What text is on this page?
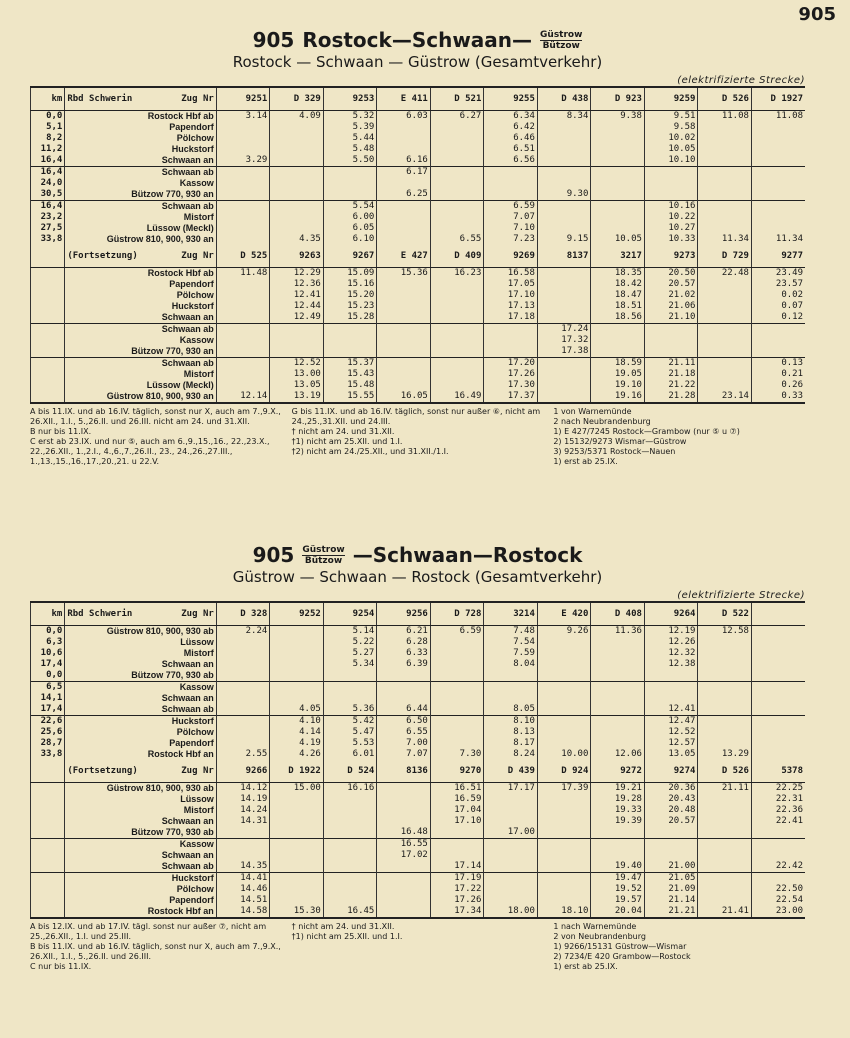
905
905 Rostock—Schwaan— $\frac{\text{Güstrow}}{\text{Bützow}}$
Rostock — Schwaan — Güstrow (Gesamtverkehr)
(elektrifizierte Strecke)
km	Rbd Schwerin Zug Nr	9251	D 329	9253	E 411	D 521	9255	D 438	D 923	9259	D 526	D 1927
0,0	Rostock Hbf ab	3.14	4.09	5.32	6.03	6.27	6.34	8.34	9.38	9.51	11.08	11.08
5,1	Papendorf			5.39			6.42			9.58		
8,2	Pölchow			5.44			6.46			10.02		
11,2	Huckstorf			5.48			6.51			10.05		
16,4	Schwaan an	3.29		5.50	6.16		6.56			10.10		
16,4	Schwaan ab				6.17							
24,0	Kassow											
30,5	Bützow 770, 930 an				6.25			9.30				
16,4	Schwaan ab			5.54			6.59			10.16		
23,2	Mistorf			6.00			7.07			10.22		
27,5	Lüssow (Meckl)			6.05			7.10			10.27		
33,8	Güstrow 810, 900, 930 an		4.35	6.10		6.55	7.23	9.15	10.05	10.33	11.34	11.34
	(Fortsetzung) Zug Nr	D 525	9263	9267	E 427	D 409	9269	8137	3217	9273	D 729	9277
	Rostock Hbf ab	11.48	12.29	15.09	15.36	16.23	16.58		18.35	20.50	22.48	23.49
	Papendorf		12.36	15.16			17.05		18.42	20.57		23.57
	Pölchow		12.41	15.20			17.10		18.47	21.02		0.02
	Huckstorf		12.44	15.23			17.13		18.51	21.06		0.07
	Schwaan an		12.49	15.28			17.18		18.56	21.10		0.12
	Schwaan ab							17.24				
	Kassow							17.32				
	Bützow 770, 930 an							17.38				
	Schwaan ab		12.52	15.37			17.20		18.59	21.11		0.13
	Mistorf		13.00	15.43			17.26		19.05	21.18		0.21
	Lüssow (Meckl)		13.05	15.48			17.30		19.10	21.22		0.26
	Güstrow 810, 900, 930 an	12.14	13.19	15.55	16.05	16.49	17.37		19.16	21.28	23.14	0.33
A bis 11.IX. und ab 16.IV. täglich, sonst nur X, auch am 7.,9.X., 26.XII., 1.I., 5.,26.II. und 26.III. nicht am 24. und 31.XII.
B nur bis 11.IX.
C erst ab 23.IX. und nur ⑤, auch am 6.,9.,15.,16., 22.,23.X., 22.,26.XII., 1.,2.I., 4.,6.,7.,26.II., 23., 24.,26.,27.III., 1.,13.,15.,16.,17.,20.,21. u 22.V.
G bis 11.IX. und ab 16.IV. täglich, sonst nur außer ⑥, nicht am 24.,25.,31.XII. und 24.III.
† nicht am 24. und 31.XII.
†1) nicht am 25.XII. und 1.I.
†2) nicht am 24./25.XII., und 31.XII./1.I.
1 von Warnemünde
2 nach Neubrandenburg
1) E 427/7245 Rostock—Grambow (nur ⑤ u ⑦)
2) 15132/9273 Wismar—Güstrow
3) 9253/5371 Rostock—Nauen
1) erst ab 25.IX.
$905 \frac{\text{Güstrow}}{\text{Bützow}}$ —Schwaan—Rostock
Güstrow — Schwaan — Rostock (Gesamtverkehr)
(elektrifizierte Strecke)
km	Rbd Schwerin Zug Nr	D 328	9252	9254	9256	D 728	3214	E 420	D 408	9264	D 522	
0,0	Güstrow 810, 900, 930 ab	2.24		5.14	6.21	6.59	7.48	9.26	11.36	12.19	12.58	
6,3	Lüssow			5.22	6.28		7.54			12.26		
10,6	Mistorf			5.27	6.33		7.59			12.32		
17,4	Schwaan an			5.34	6.39		8.04			12.38		
0,0	Bützow 770, 930 ab											
6,5	Kassow											
14,1	Schwaan an											
17,4	Schwaan ab		4.05	5.36	6.44		8.05			12.41		
22,6	Huckstorf		4.10	5.42	6.50		8.10			12.47		
25,6	Pölchow		4.14	5.47	6.55		8.13			12.52		
28,7	Papendorf		4.19	5.53	7.00		8.17			12.57		
33,8	Rostock Hbf an	2.55	4.26	6.01	7.07	7.30	8.24	10.00	12.06	13.05	13.29	
	(Fortsetzung) Zug Nr	9266	D 1922	D 524	8136	9270	D 439	D 924	9272	9274	D 526	5378
	Güstrow 810, 900, 930 ab	14.12	15.00	16.16		16.51	17.17	17.39	19.21	20.36	21.11	22.25
	Lüssow	14.19				16.59			19.28	20.43		22.31
	Mistorf	14.24				17.04			19.33	20.48		22.36
	Schwaan an	14.31				17.10			19.39	20.57		22.41
	Bützow 770, 930 ab				16.48		17.00					
	Kassow				16.55							
	Schwaan an				17.02							
	Schwaan ab	14.35				17.14			19.40	21.00		22.42
	Huckstorf	14.41				17.19			19.47	21.05		
	Pölchow	14.46				17.22			19.52	21.09		22.50
	Papendorf	14.51				17.26			19.57	21.14		22.54
	Rostock Hbf an	14.58	15.30	16.45		17.34	18.00	18.10	20.04	21.21	21.41	23.00
A bis 12.IX. und ab 17.IV. tägl. sonst nur außer ⑦, nicht am 25.,26.XII., 1.I. und 25.III.
B bis 11.IX. und ab 16.IV. täglich, sonst nur X, auch am 7.,9.X., 26.XII., 1.I., 5.,26.II. und 26.III.
C nur bis 11.IX.
† nicht am 24. und 31.XII.
†1) nicht am 25.XII. und 1.I.
1 nach Warnemünde
2 von Neubrandenburg
1) 9266/15131 Güstrow—Wismar
2) 7234/E 420 Grambow—Rostock
1) erst ab 25.IX.
